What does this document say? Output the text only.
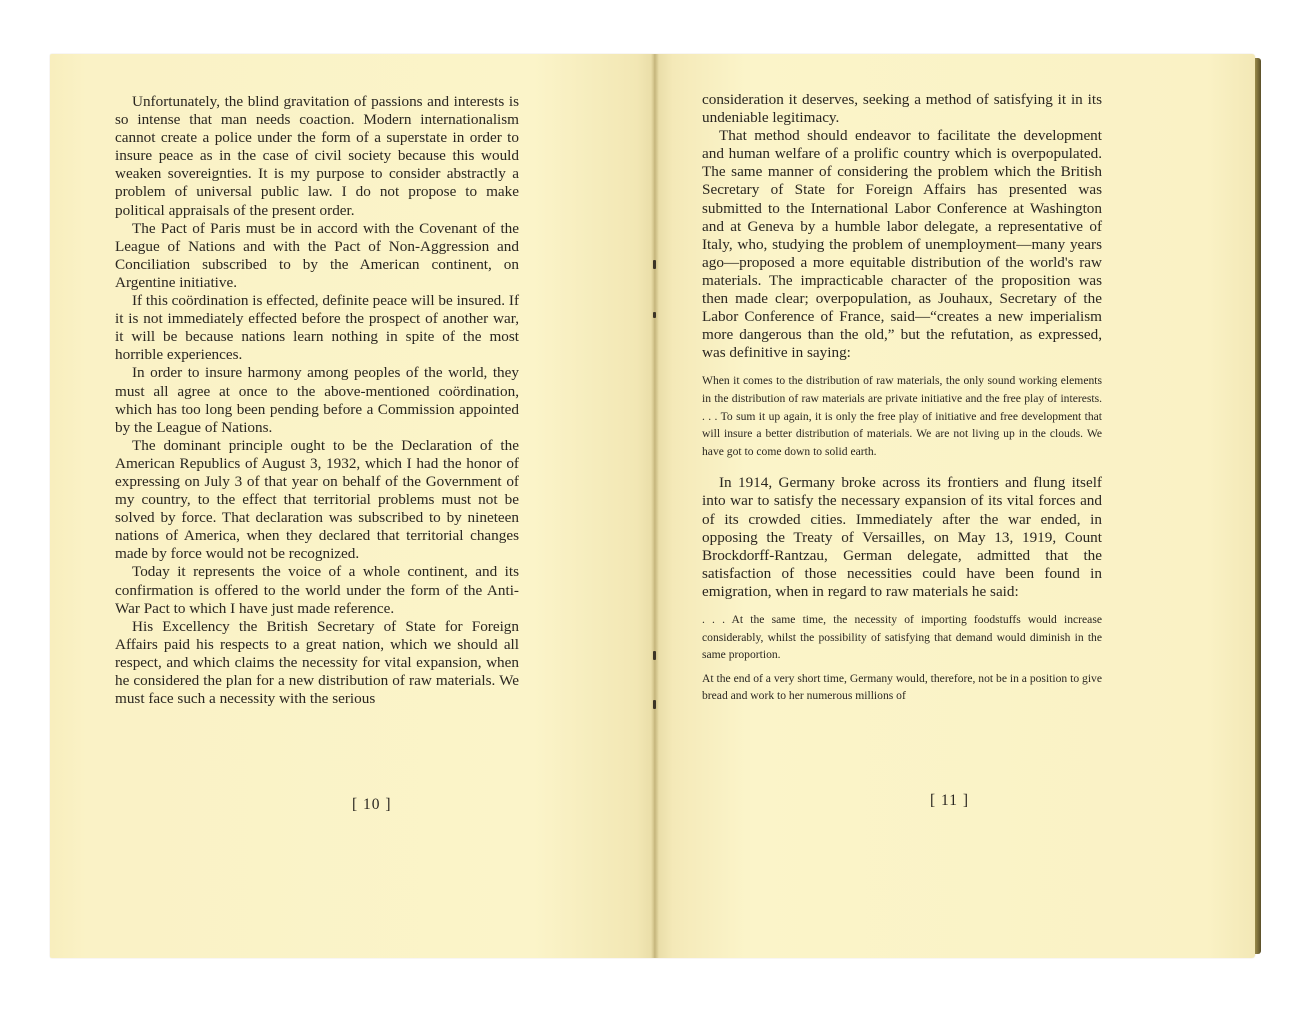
Unfortunately, the blind gravitation of passions and interests is so intense that man needs coaction. Modern internationalism cannot create a police under the form of a superstate in order to insure peace as in the case of civil society because this would weaken sovereignties. It is my purpose to consider abstractly a problem of universal public law. I do not propose to make political appraisals of the present order.

The Pact of Paris must be in accord with the Covenant of the League of Nations and with the Pact of Non-Aggression and Conciliation subscribed to by the American continent, on Argentine initiative.

If this coördination is effected, definite peace will be insured. If it is not immediately effected before the prospect of another war, it will be because nations learn nothing in spite of the most horrible experiences.

In order to insure harmony among peoples of the world, they must all agree at once to the above-mentioned coördination, which has too long been pending before a Commission appointed by the League of Nations.

The dominant principle ought to be the Declaration of the American Republics of August 3, 1932, which I had the honor of expressing on July 3 of that year on behalf of the Government of my country, to the effect that territorial problems must not be solved by force. That declaration was subscribed to by nineteen nations of America, when they declared that territorial changes made by force would not be recognized.

Today it represents the voice of a whole continent, and its confirmation is offered to the world under the form of the Anti-War Pact to which I have just made reference.

His Excellency the British Secretary of State for Foreign Affairs paid his respects to a great nation, which we should all respect, and which claims the necessity for vital expansion, when he considered the plan for a new distribution of raw materials. We must face such a necessity with the serious

[ 10 ]

consideration it deserves, seeking a method of satisfying it in its undeniable legitimacy.

That method should endeavor to facilitate the development and human welfare of a prolific country which is overpopulated. The same manner of considering the problem which the British Secretary of State for Foreign Affairs has presented was submitted to the International Labor Conference at Washington and at Geneva by a humble labor delegate, a representative of Italy, who, studying the problem of unemployment—many years ago—proposed a more equitable distribution of the world's raw materials. The impracticable character of the proposition was then made clear; overpopulation, as Jouhaux, Secretary of the Labor Conference of France, said—“creates a new imperialism more dangerous than the old,” but the refutation, as expressed, was definitive in saying:

When it comes to the distribution of raw materials, the only sound working elements in the distribution of raw materials are private initiative and the free play of interests. . . . To sum it up again, it is only the free play of initiative and free development that will insure a better distribution of materials. We are not living up in the clouds. We have got to come down to solid earth.

In 1914, Germany broke across its frontiers and flung itself into war to satisfy the necessary expansion of its vital forces and of its crowded cities. Immediately after the war ended, in opposing the Treaty of Versailles, on May 13, 1919, Count Brockdorff-Rantzau, German delegate, admitted that the satisfaction of those necessities could have been found in emigration, when in regard to raw materials he said:

. . . At the same time, the necessity of importing foodstuffs would increase considerably, whilst the possibility of satisfying that demand would diminish in the same proportion.

At the end of a very short time, Germany would, therefore, not be in a position to give bread and work to her numerous millions of

[ 11 ]
